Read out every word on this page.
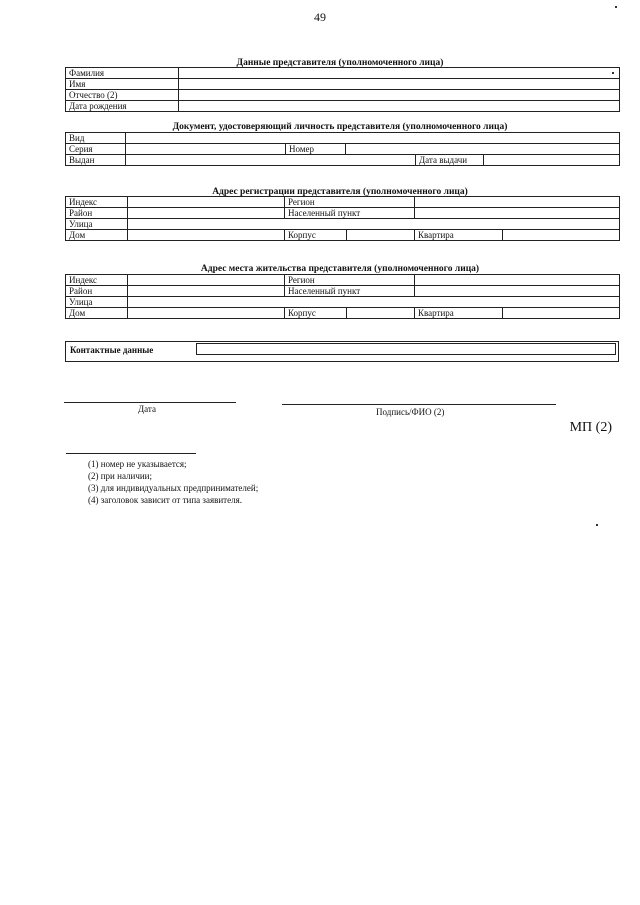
49
Данные представителя (уполномоченного лица)
Фамилия	
Имя	
Отчество (2)	
Дата рождения	
Документ, удостоверяющий личность представителя (уполномоченного лица)
Вид					
Серия		Номер			
Выдан				Дата выдачи	
Адрес регистрации представителя (уполномоченного лица)
Индекс		Регион			
Район		Населенный пункт			
Улица					
Дом		Корпус		Квартира	
Адрес места жительства представителя (уполномоченного лица)
Индекс		Регион			
Район		Населенный пункт			
Улица					
Дом		Корпус		Квартира	
Контактные данные
Дата	Подпись/ФИО (2)
МП (2)
(1) номер не указывается;
(2) при наличии;
(3) для индивидуальных предпринимателей;
(4) заголовок зависит от типа заявителя.
